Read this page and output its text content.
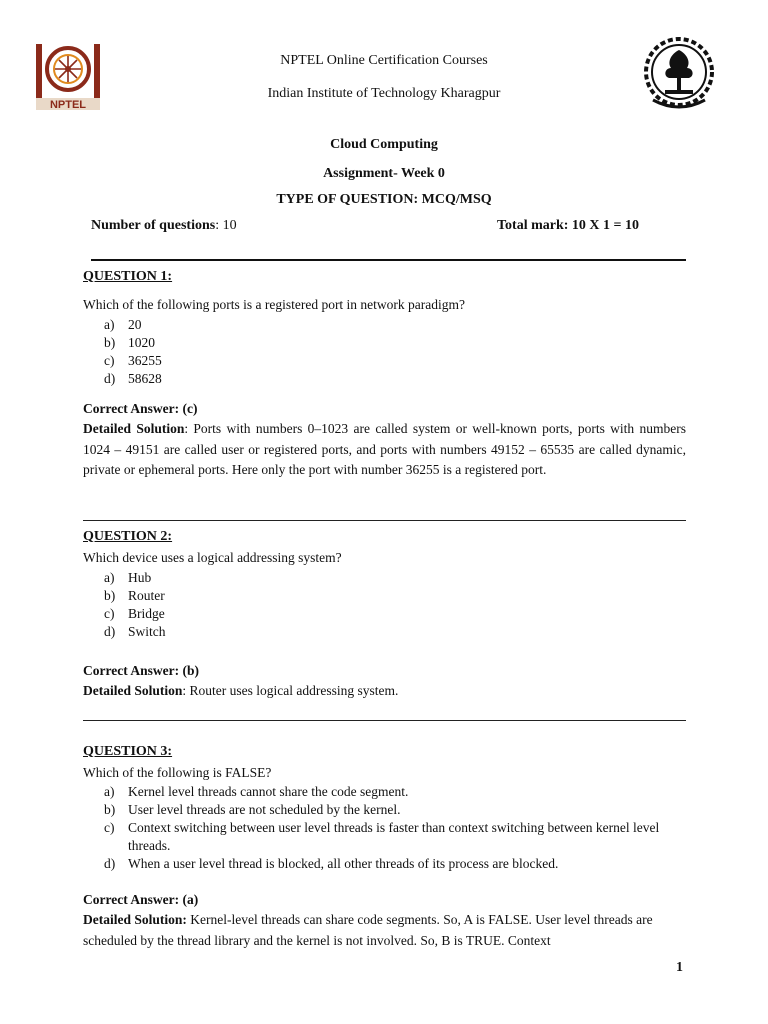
NPTEL
NPTEL Online Certification Courses
Indian Institute of Technology Kharagpur
Cloud Computing
Assignment- Week 0
TYPE OF QUESTION: MCQ/MSQ
Number of questions: 10	Total mark: 10 X 1 = 10
QUESTION 1:
Which of the following ports is a registered port in network paradigm?
a)	20
b) 1020
c)	36255
d) 58628
Correct Answer: (c)
Detailed Solution: Ports with numbers 0–1023 are called system or well-known ports, ports with numbers 1024 – 49151 are called user or registered ports, and ports with numbers 49152 – 65535 are called dynamic, private or ephemeral ports. Here only the port with number 36255 is a registered port.
QUESTION 2:
Which device uses a logical addressing system?
a)	Hub
b) Router
c)	Bridge
d) Switch
Correct Answer: (b)
Detailed Solution: Router uses logical addressing system.
QUESTION 3:
Which of the following is FALSE?
a)	Kernel level threads cannot share the code segment.
b) User level threads are not scheduled by the kernel.
c)	Context switching between user level threads is faster than context switching between kernel level threads.
d) When a user level thread is blocked, all other threads of its process are blocked.
Correct Answer: (a)
Detailed Solution: Kernel-level threads can share code segments. So, A is FALSE. User level threads are scheduled by the thread library and the kernel is not involved. So, B is TRUE. Context
1
